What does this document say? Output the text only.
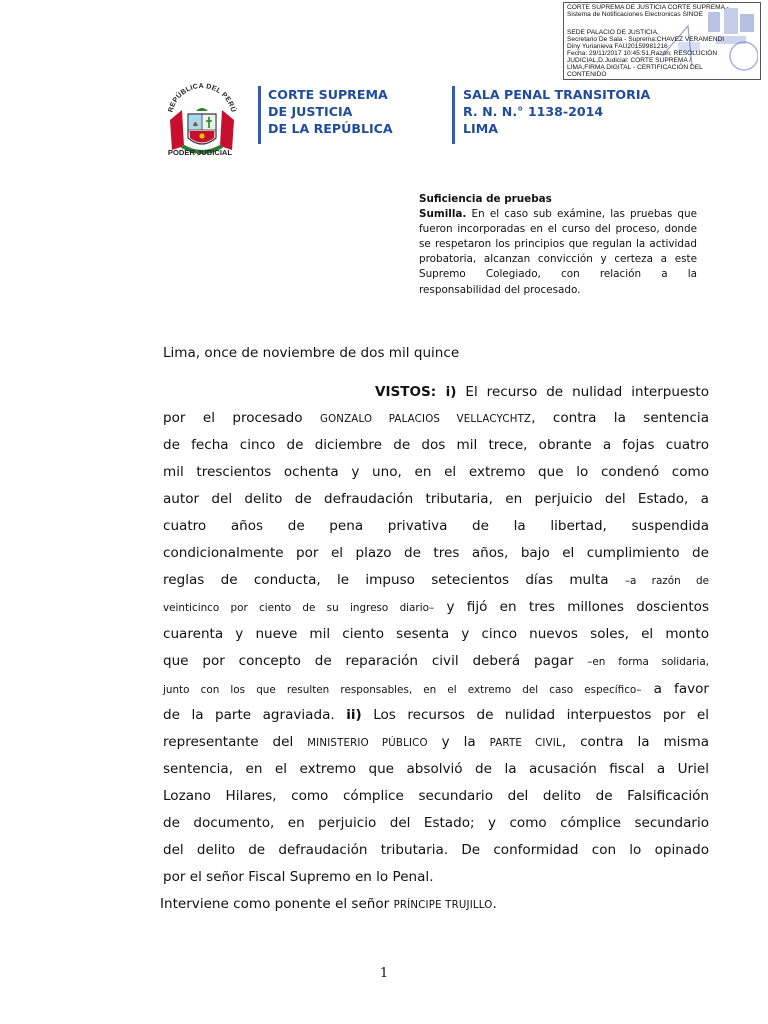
CORTE SUPREMA DE JUSTICIA CORTE SUPREMA -
Sistema de Notificaciones Electronicas SINOE
SEDE PALACIO DE JUSTICIA,
Secretario De Sala - Suprema:CHAVEZ VERAMENDI
Diny Yurianieva FAU20159981216
Fecha: 29/11/2017 10:45:51,Razón: RESOLUCIÓN
JUDICIAL,D.Judicial: CORTE SUPREMA /
LIMA,FIRMA DIGITAL - CERTIFICACIÓN DEL
CONTENIDO
REPÚBLICA DEL PERÚ
PODER JUDICIAL
CORTE SUPREMA
DE JUSTICIA
DE LA REPÚBLICA
SALA PENAL TRANSITORIA
R. N. N.° 1138-2014
LIMA
Suficiencia de pruebas
Sumilla. En el caso sub exámine, las pruebas que fueron incorporadas en el curso del proceso, donde se respetaron los principios que regulan la actividad probatoria, alcanzan convicción y certeza a este Supremo Colegiado, con relación a la responsabilidad del procesado.
Lima, once de noviembre de dos mil quince
VISTOS: i) El recurso de nulidad interpuesto
por el procesado GONZALO PALACIOS VELLACYCHTZ, contra la sentencia
de fecha cinco de diciembre de dos mil trece, obrante a fojas cuatro
mil trescientos ochenta y uno, en el extremo que lo condenó como
autor del delito de defraudación tributaria, en perjuicio del Estado, a
cuatro años de pena privativa de la libertad, suspendida
condicionalmente por el plazo de tres años, bajo el cumplimiento de
reglas de conducta, le impuso setecientos días multa –a razón de
veinticinco por ciento de su ingreso diario– y fijó en tres millones doscientos
cuarenta y nueve mil ciento sesenta y cinco nuevos soles, el monto
que por concepto de reparación civil deberá pagar –en forma solidaria,
junto con los que resulten responsables, en el extremo del caso específico– a favor
de la parte agraviada. ii) Los recursos de nulidad interpuestos por el
representante del MINISTERIO PÚBLICO y la PARTE CIVIL, contra la misma
sentencia, en el extremo que absolvió de la acusación fiscal a Uriel
Lozano Hilares, como cómplice secundario del delito de Falsificación
de documento, en perjuicio del Estado; y como cómplice secundario
del delito de defraudación tributaria. De conformidad con lo opinado
por el señor Fiscal Supremo en lo Penal.
Interviene como ponente el señor PRÍNCIPE TRUJILLO.
1
